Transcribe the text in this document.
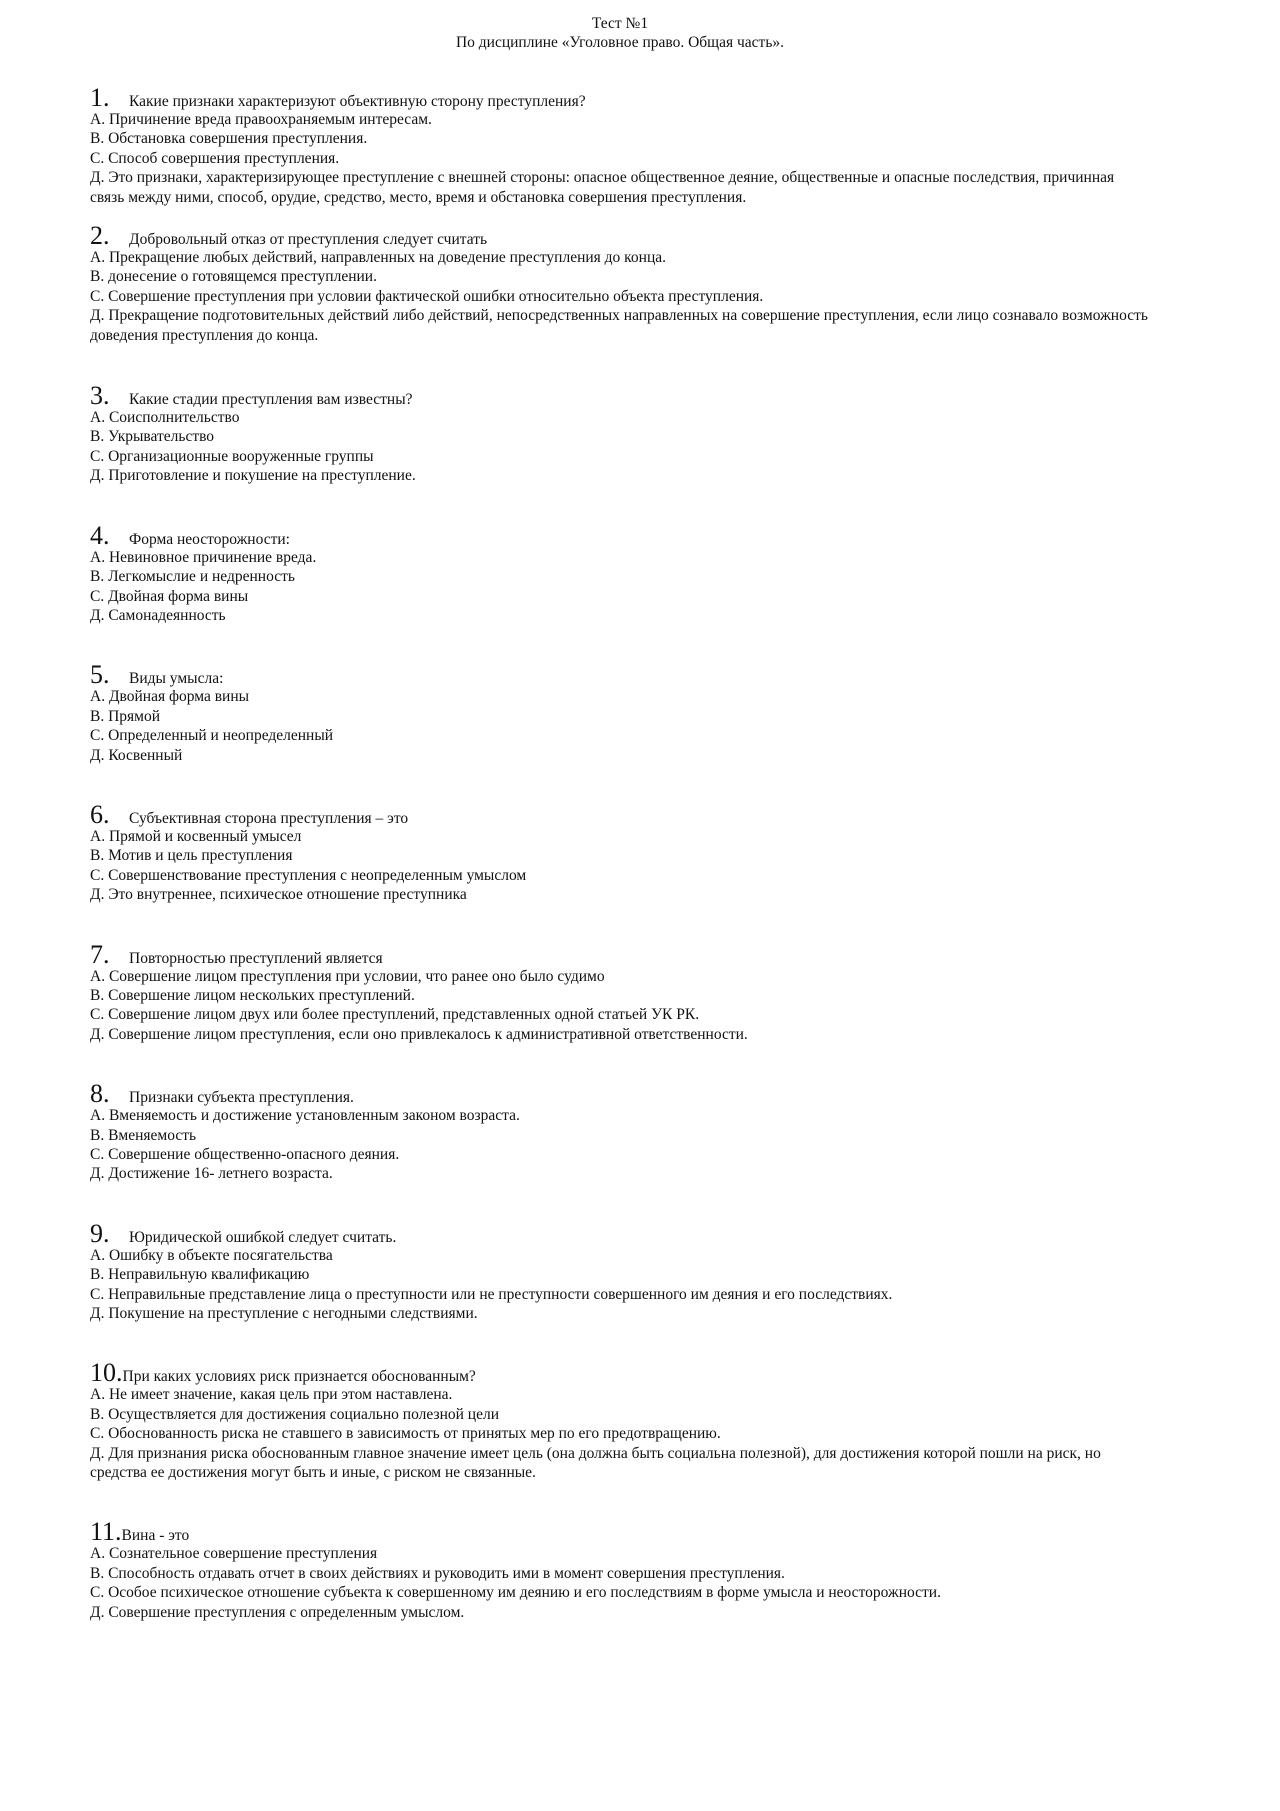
Тест №1
По дисциплине «Уголовное право. Общая часть».
1.	Какие признаки характеризуют объективную сторону преступления?
А. Причинение вреда правоохраняемым интересам.
В. Обстановка совершения преступления.
С. Способ совершения преступления.
Д. Это признаки, характеризирующее преступление с внешней стороны: опасное общественное деяние, общественные и опасные последствия, причинная связь между ними, способ, орудие, средство, место, время и обстановка совершения преступления.
2.	Добровольный отказ от преступления следует считать
А. Прекращение любых действий, направленных на доведение преступления до конца.
В. донесение о готовящемся преступлении.
С. Совершение преступления при условии фактической ошибки относительно объекта преступления.
Д. Прекращение подготовительных действий либо действий, непосредственных направленных на совершение преступления, если лицо сознавало возможность доведения преступления до конца.
3.	Какие стадии преступления вам известны?
А. Соисполнительство
В. Укрывательство
С. Организационные вооруженные группы
Д. Приготовление и покушение на преступление.
4.	Форма неосторожности:
А. Невиновное причинение вреда.
В. Легкомыслие и недренность
С. Двойная форма вины
Д. Самонадеянность
5.	Виды умысла:
А. Двойная форма вины
В. Прямой
С. Определенный и неопределенный
Д. Косвенный
6.	Субъективная сторона преступления – это
А. Прямой и косвенный умысел
В. Мотив и цель преступления
С. Совершенствование преступления с неопределенным умыслом
Д. Это внутреннее, психическое отношение преступника
7.	Повторностью преступлений является
А. Совершение лицом преступления при условии, что ранее оно было судимо
В. Совершение лицом нескольких преступлений.
С. Совершение лицом двух или более преступлений, представленных одной статьей УК РК.
Д. Совершение лицом преступления, если оно привлекалось к административной ответственности.
8.	Признаки субъекта преступления.
А. Вменяемость и достижение установленным законом возраста.
В. Вменяемость
С. Совершение общественно-опасного деяния.
Д. Достижение 16- летнего возраста.
9.	Юридической ошибкой следует считать.
А. Ошибку в объекте посягательства
В. Неправильную квалификацию
С. Неправильные представление лица о преступности или не преступности совершенного им деяния и его последствиях.
Д. Покушение на преступление с негодными следствиями.
10. При каких условиях риск признается обоснованным?
А. Не имеет значение, какая цель при этом наставлена.
В. Осуществляется для достижения социально полезной цели
С. Обоснованность риска не ставшего в зависимость от принятых мер по его предотвращению.
Д. Для признания риска обоснованным главное значение имеет цель (она должна быть социальна полезной), для достижения которой пошли на риск, но средства ее достижения могут быть и иные, с риском не связанные.
11. Вина - это
А. Сознательное совершение преступления
В. Способность отдавать отчет в своих действиях и руководить ими в момент совершения преступления.
С. Особое психическое отношение субъекта к совершенному им деянию и его последствиям в форме умысла и неосторожности.
Д. Совершение преступления с определенным умыслом.
